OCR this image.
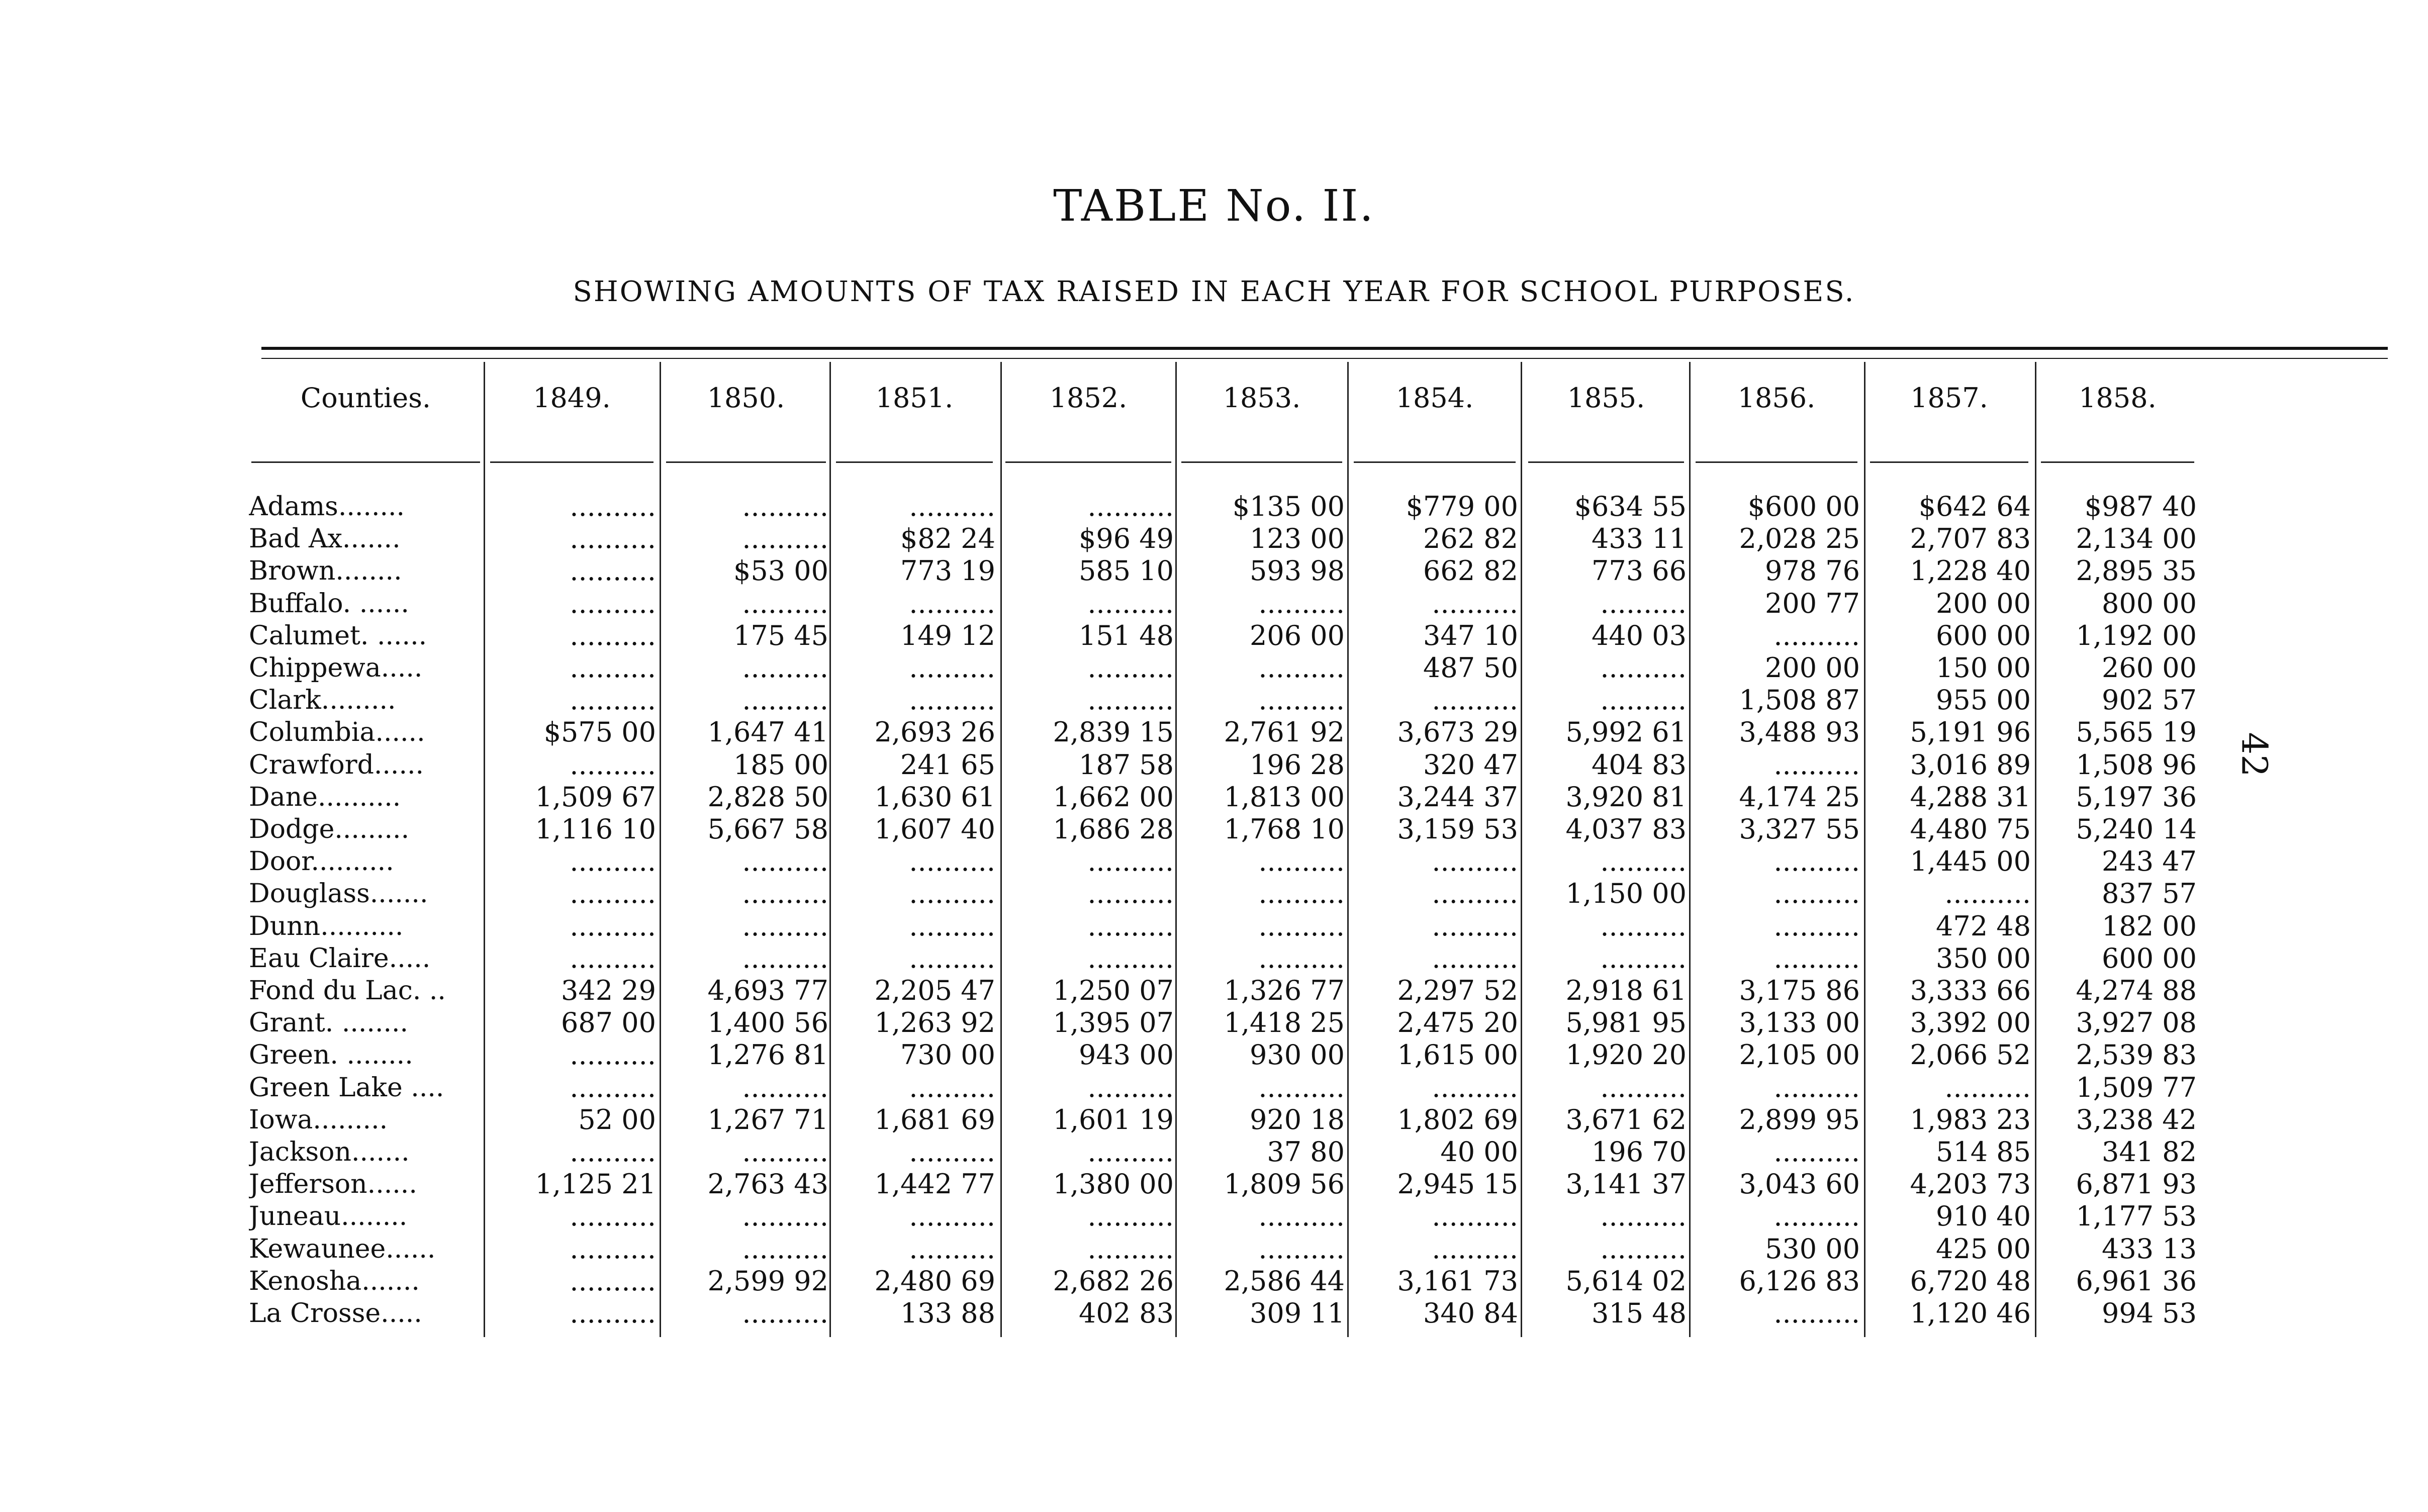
TABLE No. II.
SHOWING AMOUNTS OF TAX RAISED IN EACH YEAR FOR SCHOOL PURPOSES.
42
Counties.	1849.	1850.	1851.	1852.	1853.	1854.	1855.	1856.	1857.	1858.
Adams........	..........	..........	..........	..........	$135 00	$779 00	$634 55	$600 00	$642 64	$987 40
Bad Ax.......	..........	..........	$82 24	$96 49	123 00	262 82	433 11	2,028 25	2,707 83	2,134 00
Brown........	..........	$53 00	773 19	585 10	593 98	662 82	773 66	978 76	1,228 40	2,895 35
Buffalo. ......	..........	..........	..........	..........	..........	..........	..........	200 77	200 00	800 00
Calumet. ......	..........	175 45	149 12	151 48	206 00	347 10	440 03	..........	600 00	1,192 00
Chippewa.....	..........	..........	..........	..........	..........	487 50	..........	200 00	150 00	260 00
Clark.........	..........	..........	..........	..........	..........	..........	..........	1,508 87	955 00	902 57
Columbia......	$575 00	1,647 41	2,693 26	2,839 15	2,761 92	3,673 29	5,992 61	3,488 93	5,191 96	5,565 19
Crawford......	..........	185 00	241 65	187 58	196 28	320 47	404 83	..........	3,016 89	1,508 96
Dane..........	1,509 67	2,828 50	1,630 61	1,662 00	1,813 00	3,244 37	3,920 81	4,174 25	4,288 31	5,197 36
Dodge.........	1,116 10	5,667 58	1,607 40	1,686 28	1,768 10	3,159 53	4,037 83	3,327 55	4,480 75	5,240 14
Door..........	..........	..........	..........	..........	..........	..........	..........	..........	1,445 00	243 47
Douglass.......	..........	..........	..........	..........	..........	..........	1,150 00	..........	..........	837 57
Dunn..........	..........	..........	..........	..........	..........	..........	..........	..........	472 48	182 00
Eau Claire.....	..........	..........	..........	..........	..........	..........	..........	..........	350 00	600 00
Fond du Lac. ..	342 29	4,693 77	2,205 47	1,250 07	1,326 77	2,297 52	2,918 61	3,175 86	3,333 66	4,274 88
Grant. ........	687 00	1,400 56	1,263 92	1,395 07	1,418 25	2,475 20	5,981 95	3,133 00	3,392 00	3,927 08
Green. ........	..........	1,276 81	730 00	943 00	930 00	1,615 00	1,920 20	2,105 00	2,066 52	2,539 83
Green Lake ....	..........	..........	..........	..........	..........	..........	..........	..........	..........	1,509 77
Iowa.........	52 00	1,267 71	1,681 69	1,601 19	920 18	1,802 69	3,671 62	2,899 95	1,983 23	3,238 42
Jackson.......	..........	..........	..........	..........	37 80	40 00	196 70	..........	514 85	341 82
Jefferson......	1,125 21	2,763 43	1,442 77	1,380 00	1,809 56	2,945 15	3,141 37	3,043 60	4,203 73	6,871 93
Juneau........	..........	..........	..........	..........	..........	..........	..........	..........	910 40	1,177 53
Kewaunee......	..........	..........	..........	..........	..........	..........	..........	530 00	425 00	433 13
Kenosha.......	..........	2,599 92	2,480 69	2,682 26	2,586 44	3,161 73	5,614 02	6,126 83	6,720 48	6,961 36
La Crosse.....	..........	..........	133 88	402 83	309 11	340 84	315 48	..........	1,120 46	994 53
